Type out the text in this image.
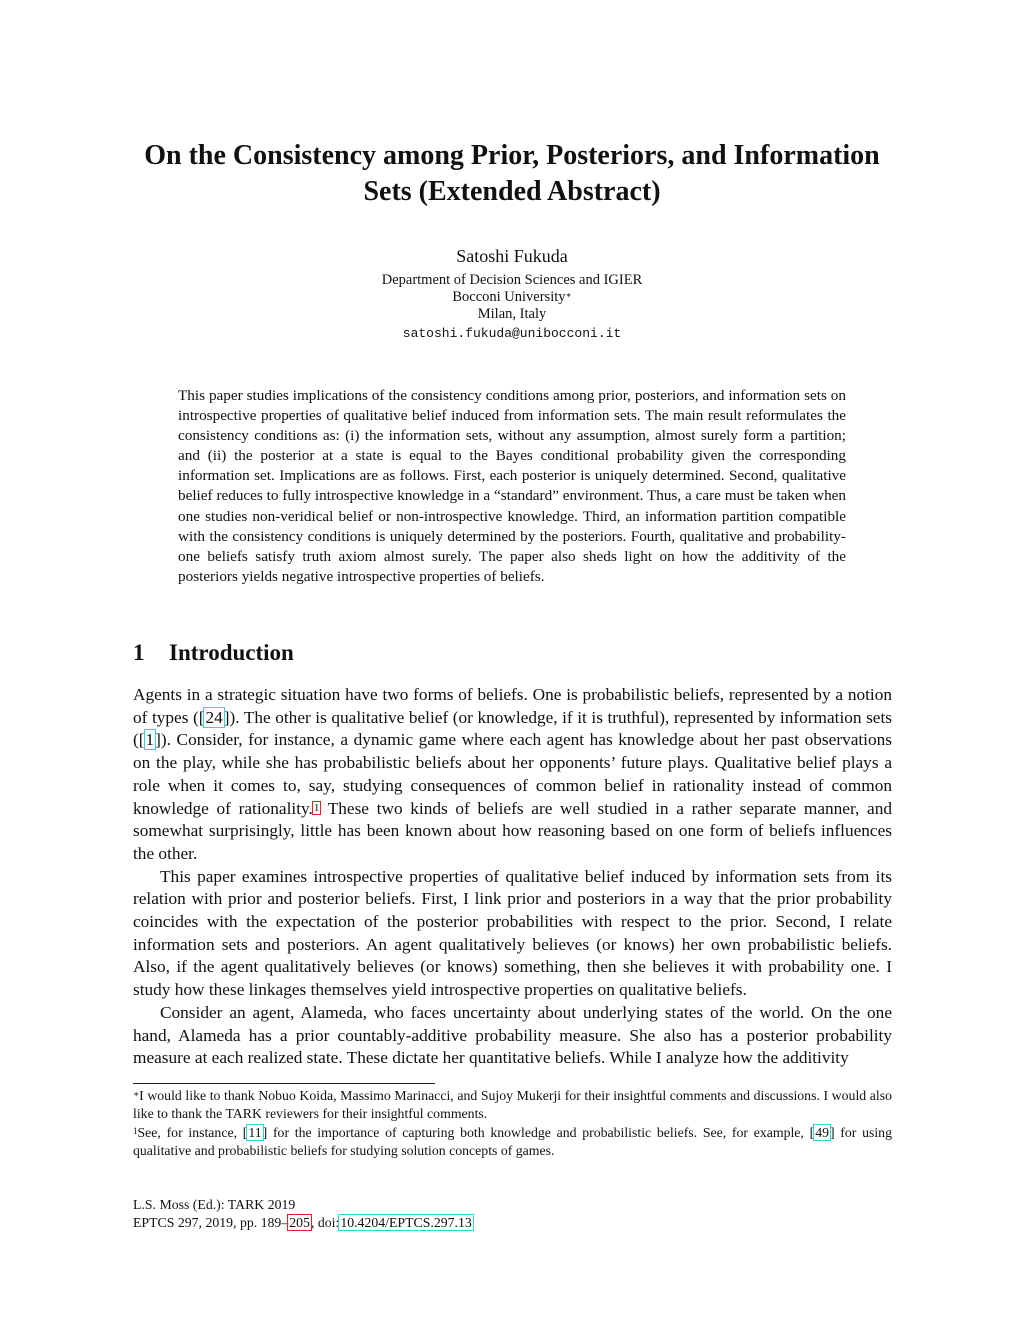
On the Consistency among Prior, Posteriors, and Information
Sets (Extended Abstract)
Satoshi Fukuda
Department of Decision Sciences and IGIER
Bocconi University∗
Milan, Italy
satoshi.fukuda@unibocconi.it
This paper studies implications of the consistency conditions among prior, posteriors, and information sets on introspective properties of qualitative belief induced from information sets. The main result reformulates the consistency conditions as: (i) the information sets, without any assumption, almost surely form a partition; and (ii) the posterior at a state is equal to the Bayes conditional probability given the corresponding information set. Implications are as follows. First, each posterior is uniquely determined. Second, qualitative belief reduces to fully introspective knowledge in a “standard” environment. Thus, a care must be taken when one studies non-veridical belief or non-introspective knowledge. Third, an information partition compatible with the consistency conditions is uniquely determined by the posteriors. Fourth, qualitative and probability-one beliefs satisfy truth axiom almost surely. The paper also sheds light on how the additivity of the posteriors yields negative introspective properties of beliefs.
1 Introduction

Agents in a strategic situation have two forms of beliefs. One is probabilistic beliefs, represented by a notion of types ([24]). The other is qualitative belief (or knowledge, if it is truthful), represented by information sets ([1]). Consider, for instance, a dynamic game where each agent has knowledge about her past observations on the play, while she has probabilistic beliefs about her opponents’ future plays. Qualitative belief plays a role when it comes to, say, studying consequences of common belief in rationality instead of common knowledge of rationality.$^1$ These two kinds of beliefs are well studied in a rather separate manner, and somewhat surprisingly, little has been known about how reasoning based on one form of beliefs influences the other.

This paper examines introspective properties of qualitative belief induced by information sets from its relation with prior and posterior beliefs. First, I link prior and posteriors in a way that the prior probability coincides with the expectation of the posterior probabilities with respect to the prior. Second, I relate information sets and posteriors. An agent qualitatively believes (or knows) her own probabilistic beliefs. Also, if the agent qualitatively believes (or knows) something, then she believes it with probability one. I study how these linkages themselves yield introspective properties on qualitative beliefs.

Consider an agent, Alameda, who faces uncertainty about underlying states of the world. On the one hand, Alameda has a prior countably-additive probability measure. She also has a posterior probability measure at each realized state. These dictate her quantitative beliefs. While I analyze how the additivity

∗I would like to thank Nobuo Koida, Massimo Marinacci, and Sujoy Mukerji for their insightful comments and discussions. I would also like to thank the TARK reviewers for their insightful comments.

$^1$See, for instance, [11] for the importance of capturing both knowledge and probabilistic beliefs. See, for example, [49] for using qualitative and probabilistic beliefs for studying solution concepts of games.

L.S. Moss (Ed.): TARK 2019
EPTCS 297, 2019, pp. 189–205, doi:10.4204/EPTCS.297.13
